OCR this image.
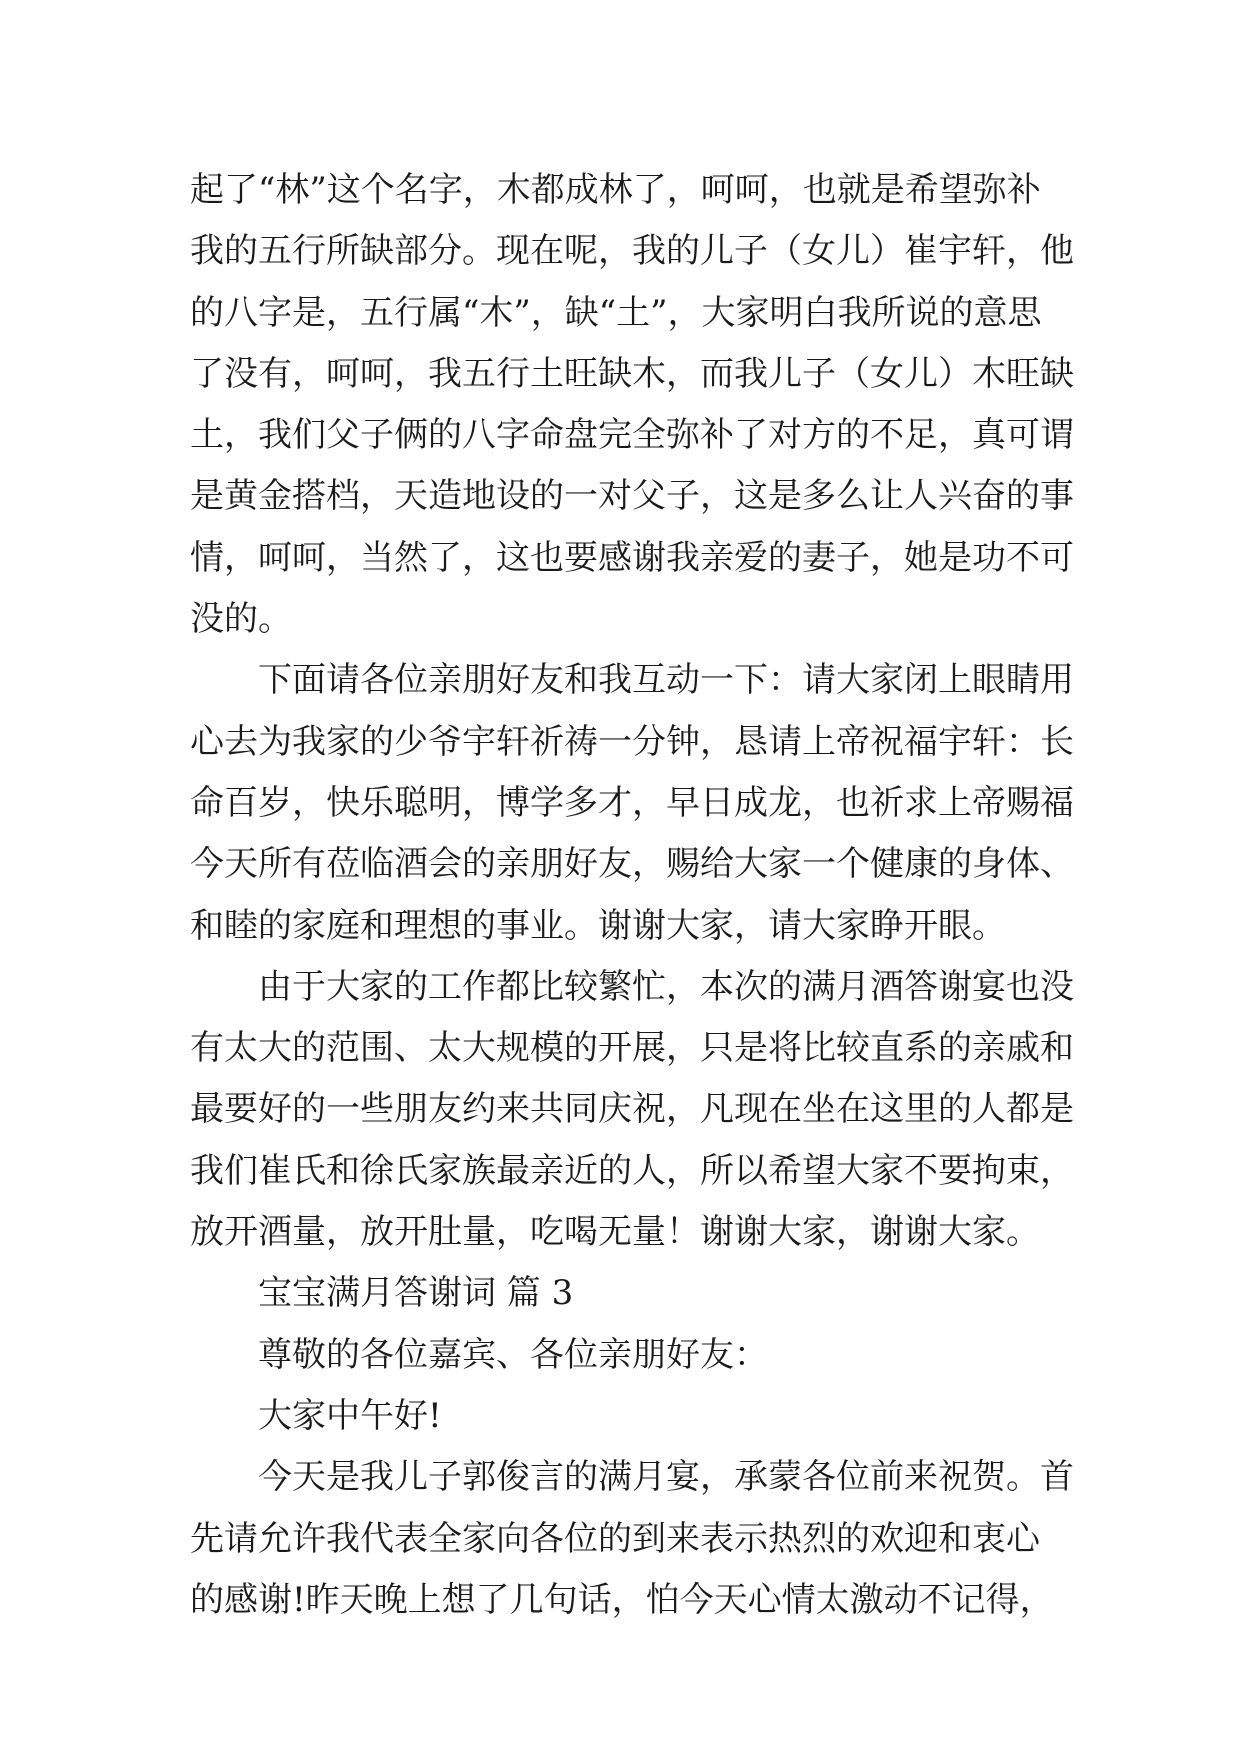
起了“林”这个名字，木都成林了，呵呵，也就是希望弥补
我的五行所缺部分。现在呢，我的儿子（女儿）崔宇轩，他
的八字是，五行属“木”，缺“土”，大家明白我所说的意思
了没有，呵呵，我五行土旺缺木，而我儿子（女儿）木旺缺
土，我们父子俩的八字命盘完全弥补了对方的不足，真可谓
是黄金搭档，天造地设的一对父子，这是多么让人兴奋的事
情，呵呵，当然了，这也要感谢我亲爱的妻子，她是功不可
没的。
下面请各位亲朋好友和我互动一下：请大家闭上眼睛用
心去为我家的少爷宇轩祈祷一分钟，恳请上帝祝福宇轩：长
命百岁，快乐聪明，博学多才，早日成龙，也祈求上帝赐福
今天所有莅临酒会的亲朋好友，赐给大家一个健康的身体、
和睦的家庭和理想的事业。谢谢大家，请大家睁开眼。
由于大家的工作都比较繁忙，本次的满月酒答谢宴也没
有太大的范围、太大规模的开展，只是将比较直系的亲戚和
最要好的一些朋友约来共同庆祝，凡现在坐在这里的人都是
我们崔氏和徐氏家族最亲近的人，所以希望大家不要拘束，
放开酒量，放开肚量，吃喝无量！谢谢大家，谢谢大家。
宝宝满月答谢词 篇 3
尊敬的各位嘉宾、各位亲朋好友：
大家中午好!
今天是我儿子郭俊言的满月宴，承蒙各位前来祝贺。首
先请允许我代表全家向各位的到来表示热烈的欢迎和衷心
的感谢!昨天晚上想了几句话，怕今天心情太激动不记得，
